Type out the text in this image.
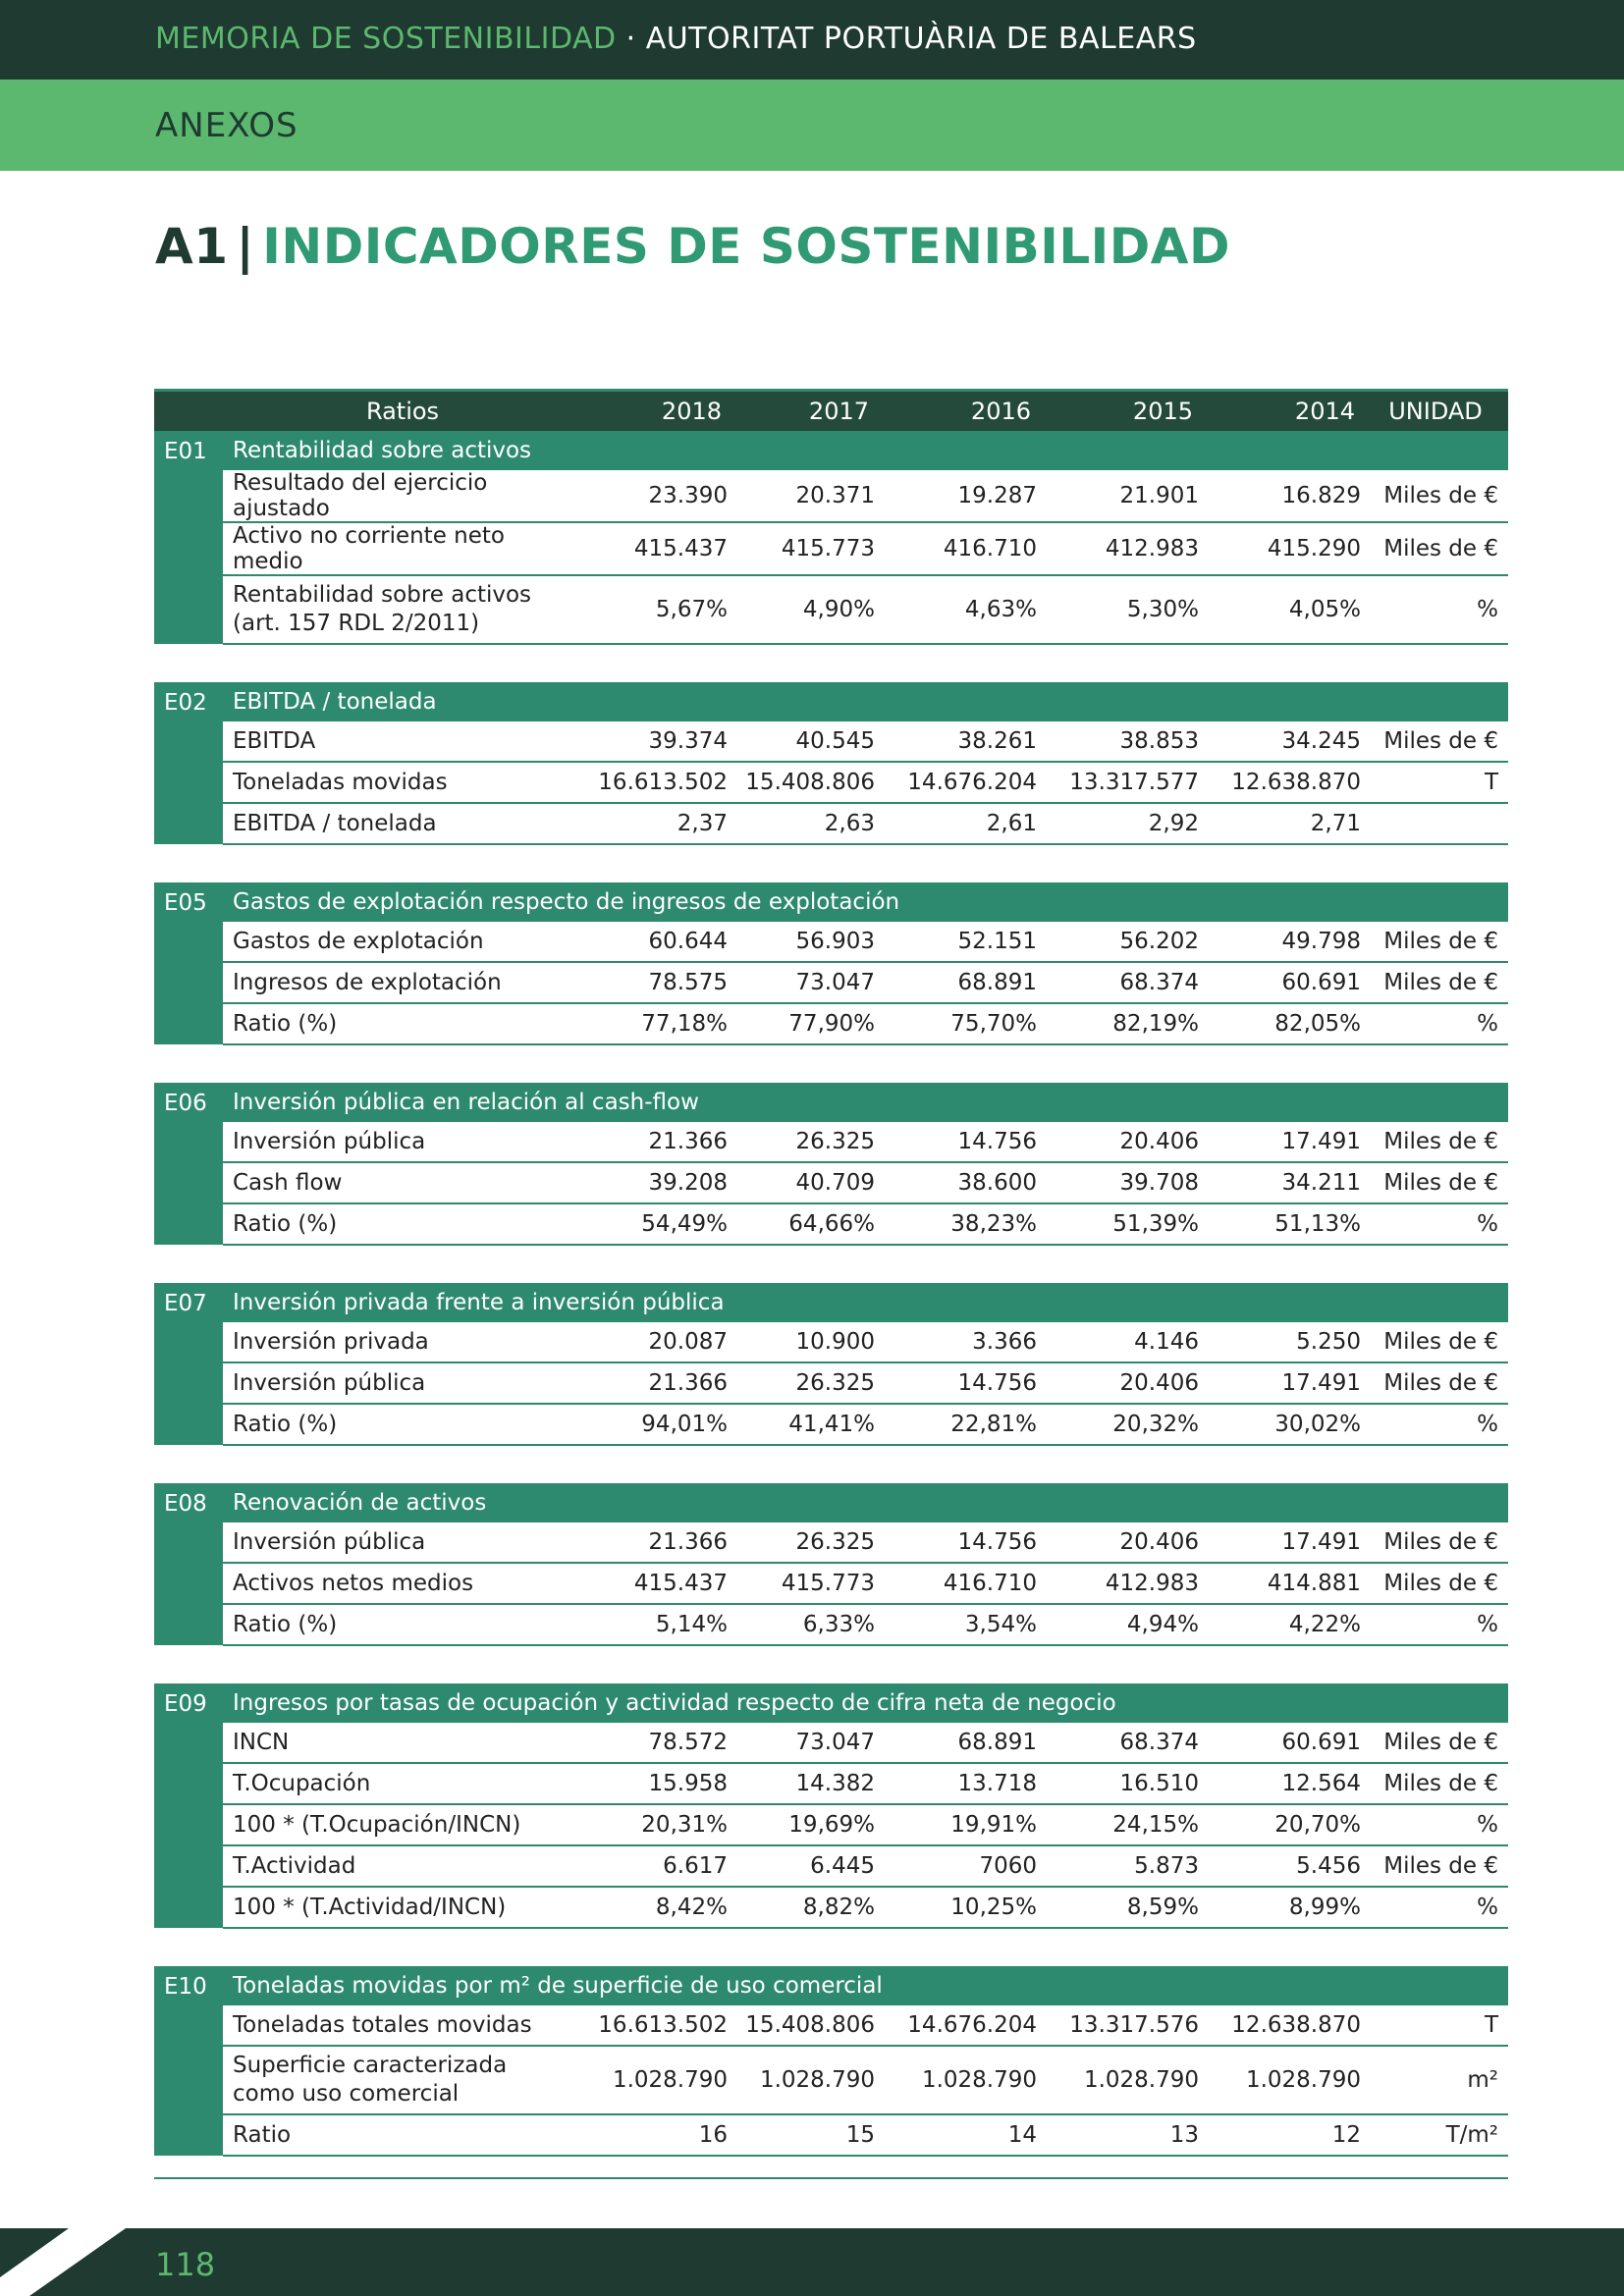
MEMORIA DE SOSTENIBILIDAD · AUTORITAT PORTUÀRIA DE BALEARS
ANEXOS
A1 | INDICADORES DE SOSTENIBILIDAD
	Ratios	2018	2017	2016	2015	2014	UNIDAD
E01	Rentabilidad sobre activos						
	Resultado del ejercicio ajustado	23.390	20.371	19.287	21.901	16.829	Miles de €
	Activo no corriente neto medio	415.437	415.773	416.710	412.983	415.290	Miles de €
	Rentabilidad sobre activos (art. 157 RDL 2/2011)	5,67%	4,90%	4,63%	5,30%	4,05%	%

E02	EBITDA / tonelada						
	EBITDA	39.374	40.545	38.261	38.853	34.245	Miles de €
	Toneladas movidas	16.613.502	15.408.806	14.676.204	13.317.577	12.638.870	T
	EBITDA / tonelada	2,37	2,63	2,61	2,92	2,71	

E05	Gastos de explotación respecto de ingresos de explotación						
	Gastos de explotación	60.644	56.903	52.151	56.202	49.798	Miles de €
	Ingresos de explotación	78.575	73.047	68.891	68.374	60.691	Miles de €
	Ratio (%)	77,18%	77,90%	75,70%	82,19%	82,05%	%

E06	Inversión pública en relación al cash-flow						
	Inversión pública	21.366	26.325	14.756	20.406	17.491	Miles de €
	Cash flow	39.208	40.709	38.600	39.708	34.211	Miles de €
	Ratio (%)	54,49%	64,66%	38,23%	51,39%	51,13%	%

E07	Inversión privada frente a inversión pública						
	Inversión privada	20.087	10.900	3.366	4.146	5.250	Miles de €
	Inversión pública	21.366	26.325	14.756	20.406	17.491	Miles de €
	Ratio (%)	94,01%	41,41%	22,81%	20,32%	30,02%	%

E08	Renovación de activos						
	Inversión pública	21.366	26.325	14.756	20.406	17.491	Miles de €
	Activos netos medios	415.437	415.773	416.710	412.983	414.881	Miles de €
	Ratio (%)	5,14%	6,33%	3,54%	4,94%	4,22%	%

E09	Ingresos por tasas de ocupación y actividad respecto de cifra neta de negocio						
	INCN	78.572	73.047	68.891	68.374	60.691	Miles de €
	T.Ocupación	15.958	14.382	13.718	16.510	12.564	Miles de €
	100 * (T.Ocupación/INCN)	20,31%	19,69%	19,91%	24,15%	20,70%	%
	T.Actividad	6.617	6.445	7060	5.873	5.456	Miles de €
	100 * (T.Actividad/INCN)	8,42%	8,82%	10,25%	8,59%	8,99%	%

E10	Toneladas movidas por m² de superficie de uso comercial						
	Toneladas totales movidas	16.613.502	15.408.806	14.676.204	13.317.576	12.638.870	T
	Superficie caracterizada como uso comercial	1.028.790	1.028.790	1.028.790	1.028.790	1.028.790	m²
	Ratio	16	15	14	13	12	T/m²
118
